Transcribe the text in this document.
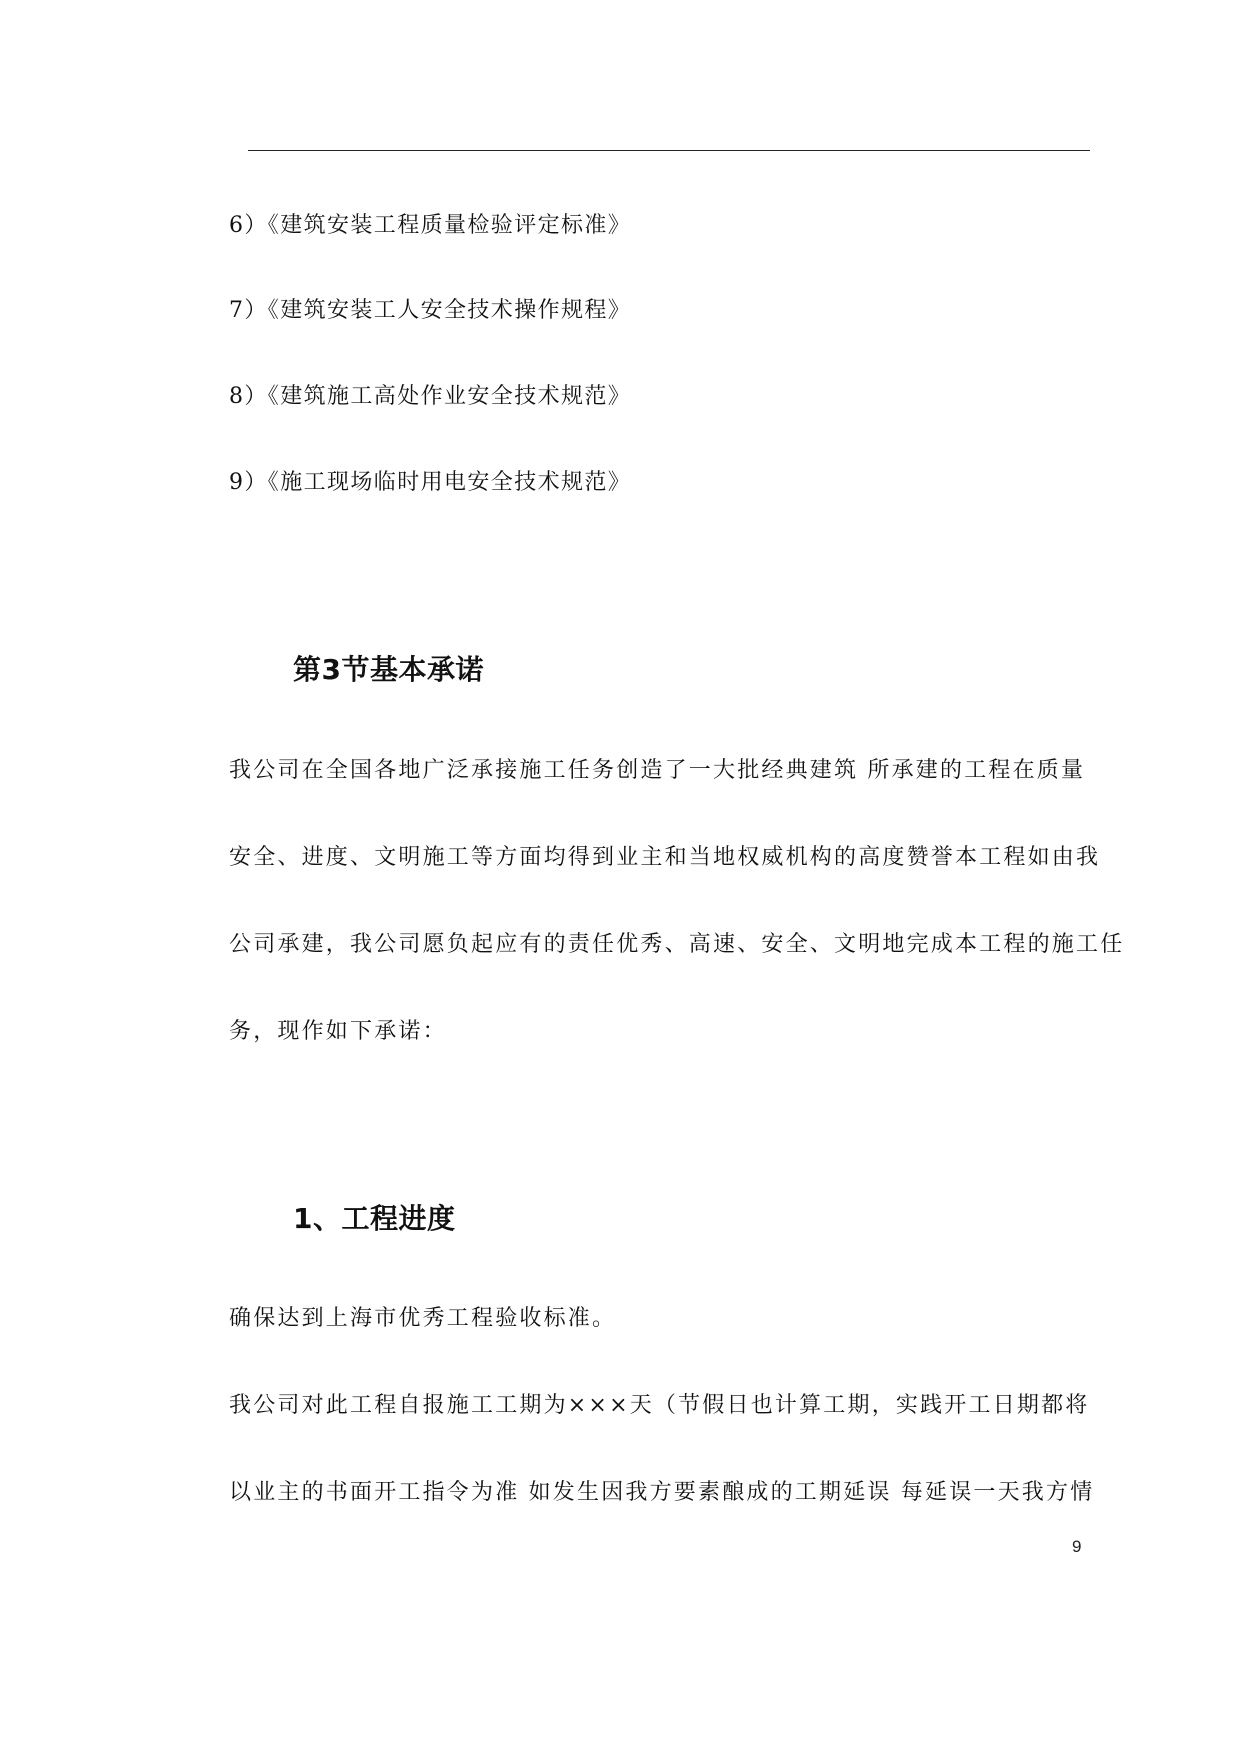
6）《建筑安装工程质量检验评定标准》
7）《建筑安装工人安全技术操作规程》
8）《建筑施工高处作业安全技术规范》
9）《施工现场临时用电安全技术规范》
第3节基本承诺
我公司在全国各地广泛承接施工任务创造了一大批经典建筑 所承建的工程在质量
安全、进度、文明施工等方面均得到业主和当地权威机构的高度赞誉本工程如由我
公司承建，我公司愿负起应有的责任优秀、高速、安全、文明地完成本工程的施工任
务，现作如下承诺：
1、工程进度
确保达到上海市优秀工程验收标准。
我公司对此工程自报施工工期为×××天（节假日也计算工期，实践开工日期都将
以业主的书面开工指令为准 如发生因我方要素酿成的工期延误 每延误一天我方情
9
